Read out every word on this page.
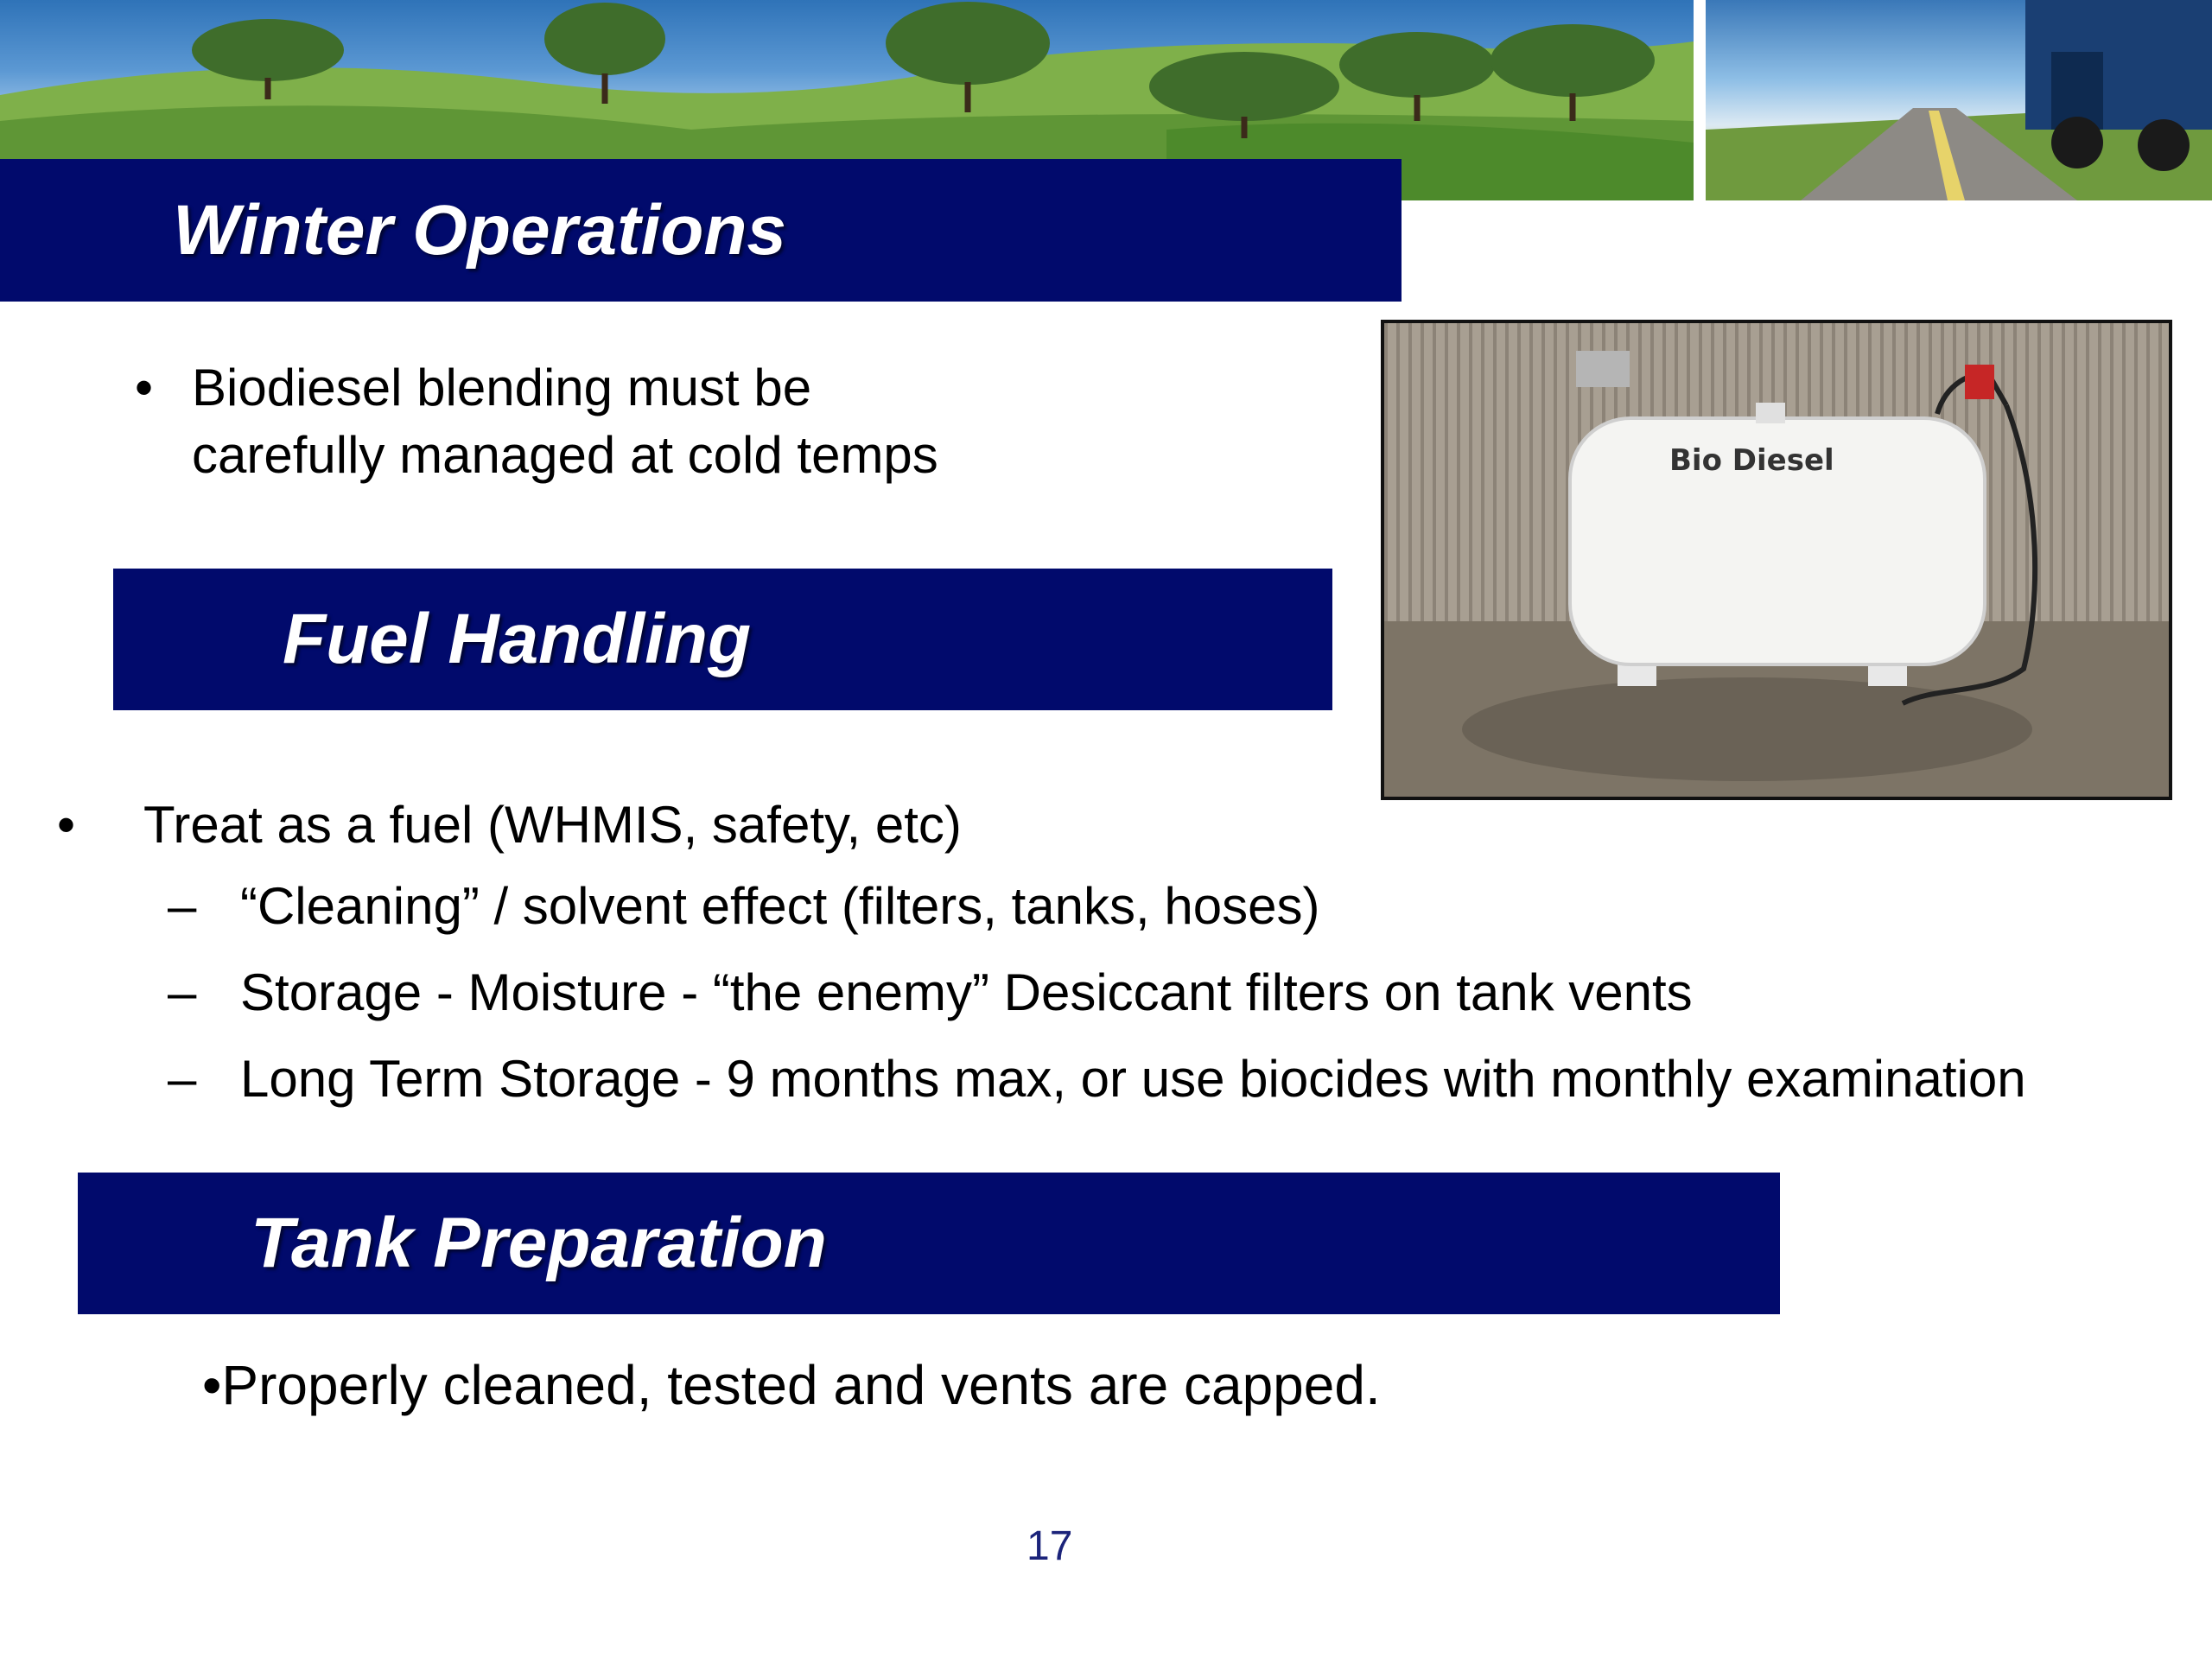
Winter Operations
• Biodiesel blending must be
carefully managed at cold temps
Fuel Handling
Bio Diesel
• Treat as a fuel (WHMIS, safety, etc)
– “Cleaning” / solvent effect (filters, tanks, hoses)
– Storage - Moisture - “the enemy” Desiccant filters on tank vents
– Long Term Storage - 9 months max, or use biocides with monthly examination
Tank Preparation
•Properly cleaned, tested and vents are capped.
17
